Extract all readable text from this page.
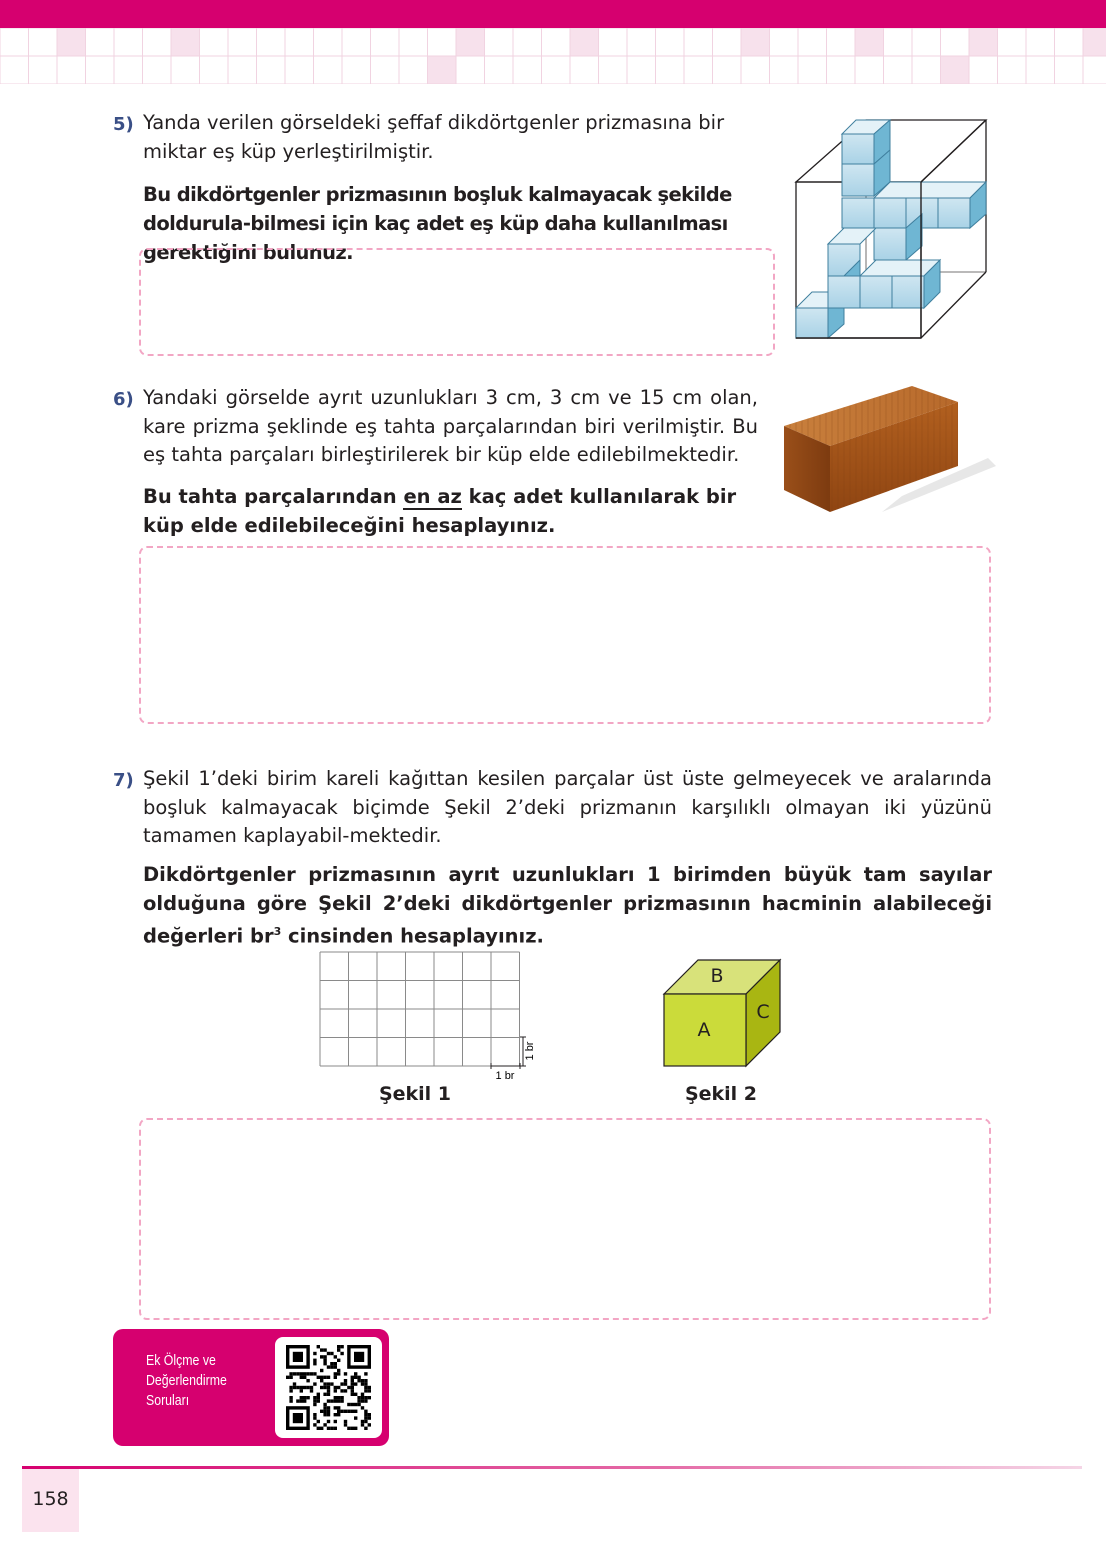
5) Yanda verilen görseldeki şeffaf dikdörtgenler prizmasına bir miktar eş küp yerleştirilmiştir.
Bu dikdörtgenler prizmasının boşluk kalmayacak şekilde doldurula-bilmesi için kaç adet eş küp daha kullanılması gerektiğini bulunuz.
6) Yandaki görselde ayrıt uzunlukları 3 cm, 3 cm ve 15 cm olan, kare prizma şeklinde eş tahta parçalarından biri verilmiştir. Bu eş tahta parçaları birleştirilerek bir küp elde edilebilmektedir.
Bu tahta parçalarından en az kaç adet kullanılarak bir küp elde edilebileceğini hesaplayınız.
7) Şekil 1’deki birim kareli kağıttan kesilen parçalar üst üste gelmeyecek ve aralarında boşluk kalmayacak biçimde Şekil 2’deki prizmanın karşılıklı olmayan iki yüzünü tamamen kaplayabil-mektedir.
Dikdörtgenler prizmasının ayrıt uzunlukları 1 birimden büyük tam sayılar olduğuna göre Şekil 2’deki dikdörtgenler prizmasının hacminin alabileceği değerleri $br^3$ cinsinden hesaplayınız.
1 br
1 br
Şekil 1
B
A
C
Şekil 2
Ek Ölçme ve
Değerlendirme
Soruları
158
